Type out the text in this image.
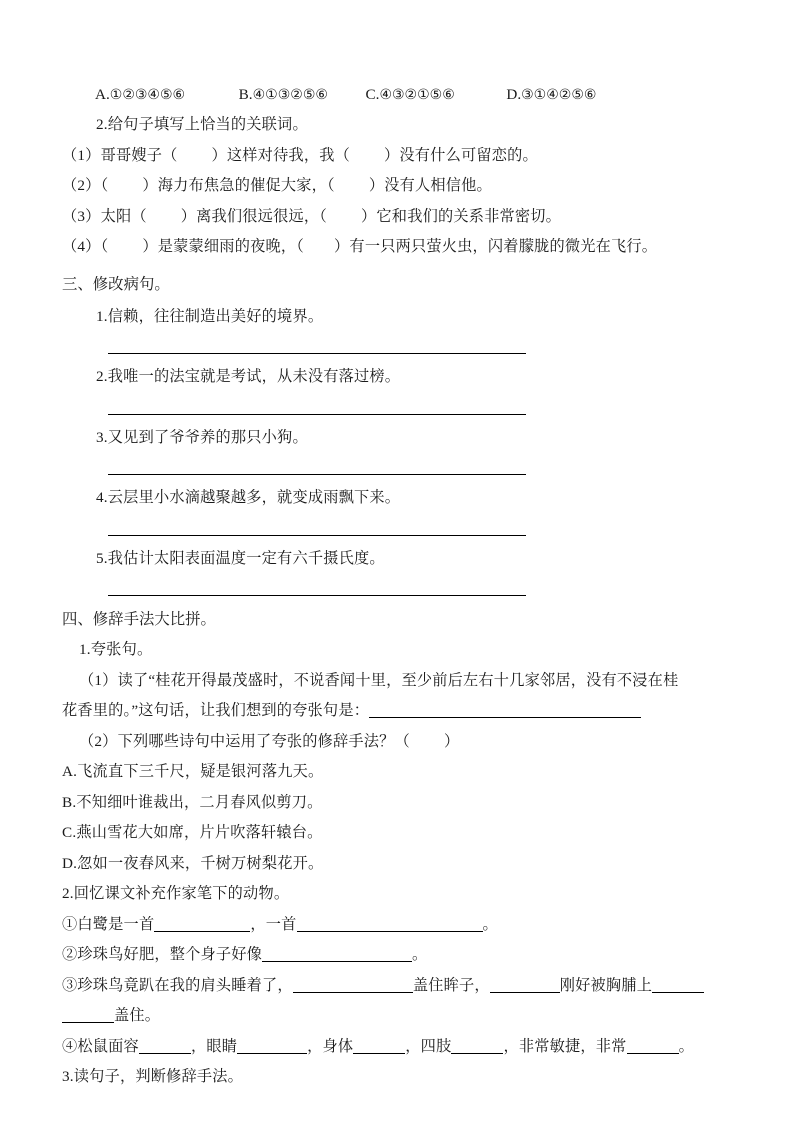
A.①②③④⑤⑥	B.④①③②⑤⑥ C.④③②①⑤⑥	D.③①④②⑤⑥
2.给句子填写上恰当的关联词。
（1）哥哥嫂子（ ）这样对待我，我（ ）没有什么可留恋的。
（2）（ ）海力布焦急的催促大家，（ ）没有人相信他。
（3）太阳（ ）离我们很远很远，（ ）它和我们的关系非常密切。
（4）（ ）是蒙蒙细雨的夜晚，（ ）有一只两只萤火虫，闪着朦胧的微光在飞行。
三、修改病句。
1.信赖，往往制造出美好的境界。
2.我唯一的法宝就是考试，从未没有落过榜。
3.又见到了爷爷养的那只小狗。
4.云层里小水滴越聚越多，就变成雨飘下来。
5.我估计太阳表面温度一定有六千摄氏度。
四、修辞手法大比拼。
1.夸张句。
（1）读了“桂花开得最茂盛时，不说香闻十里，至少前后左右十几家邻居，没有不浸在桂
花香里的。”这句话，让我们想到的夸张句是：
（2）下列哪些诗句中运用了夸张的修辞手法？（ ）
A.飞流直下三千尺，疑是银河落九天。
B.不知细叶谁裁出，二月春风似剪刀。
C.燕山雪花大如席，片片吹落轩辕台。
D.忽如一夜春风来，千树万树梨花开。
2.回忆课文补充作家笔下的动物。
①白鹭是一首	，一首	。
②珍珠鸟好肥，整个身子好像	。
③珍珠鸟竟趴在我的肩头睡着了，	盖住眸子，	刚好被胸脯上
盖住。
④松鼠面容	，眼睛	，身体	，四肢	，非常敏捷，非常	。
3.读句子，判断修辞手法。
